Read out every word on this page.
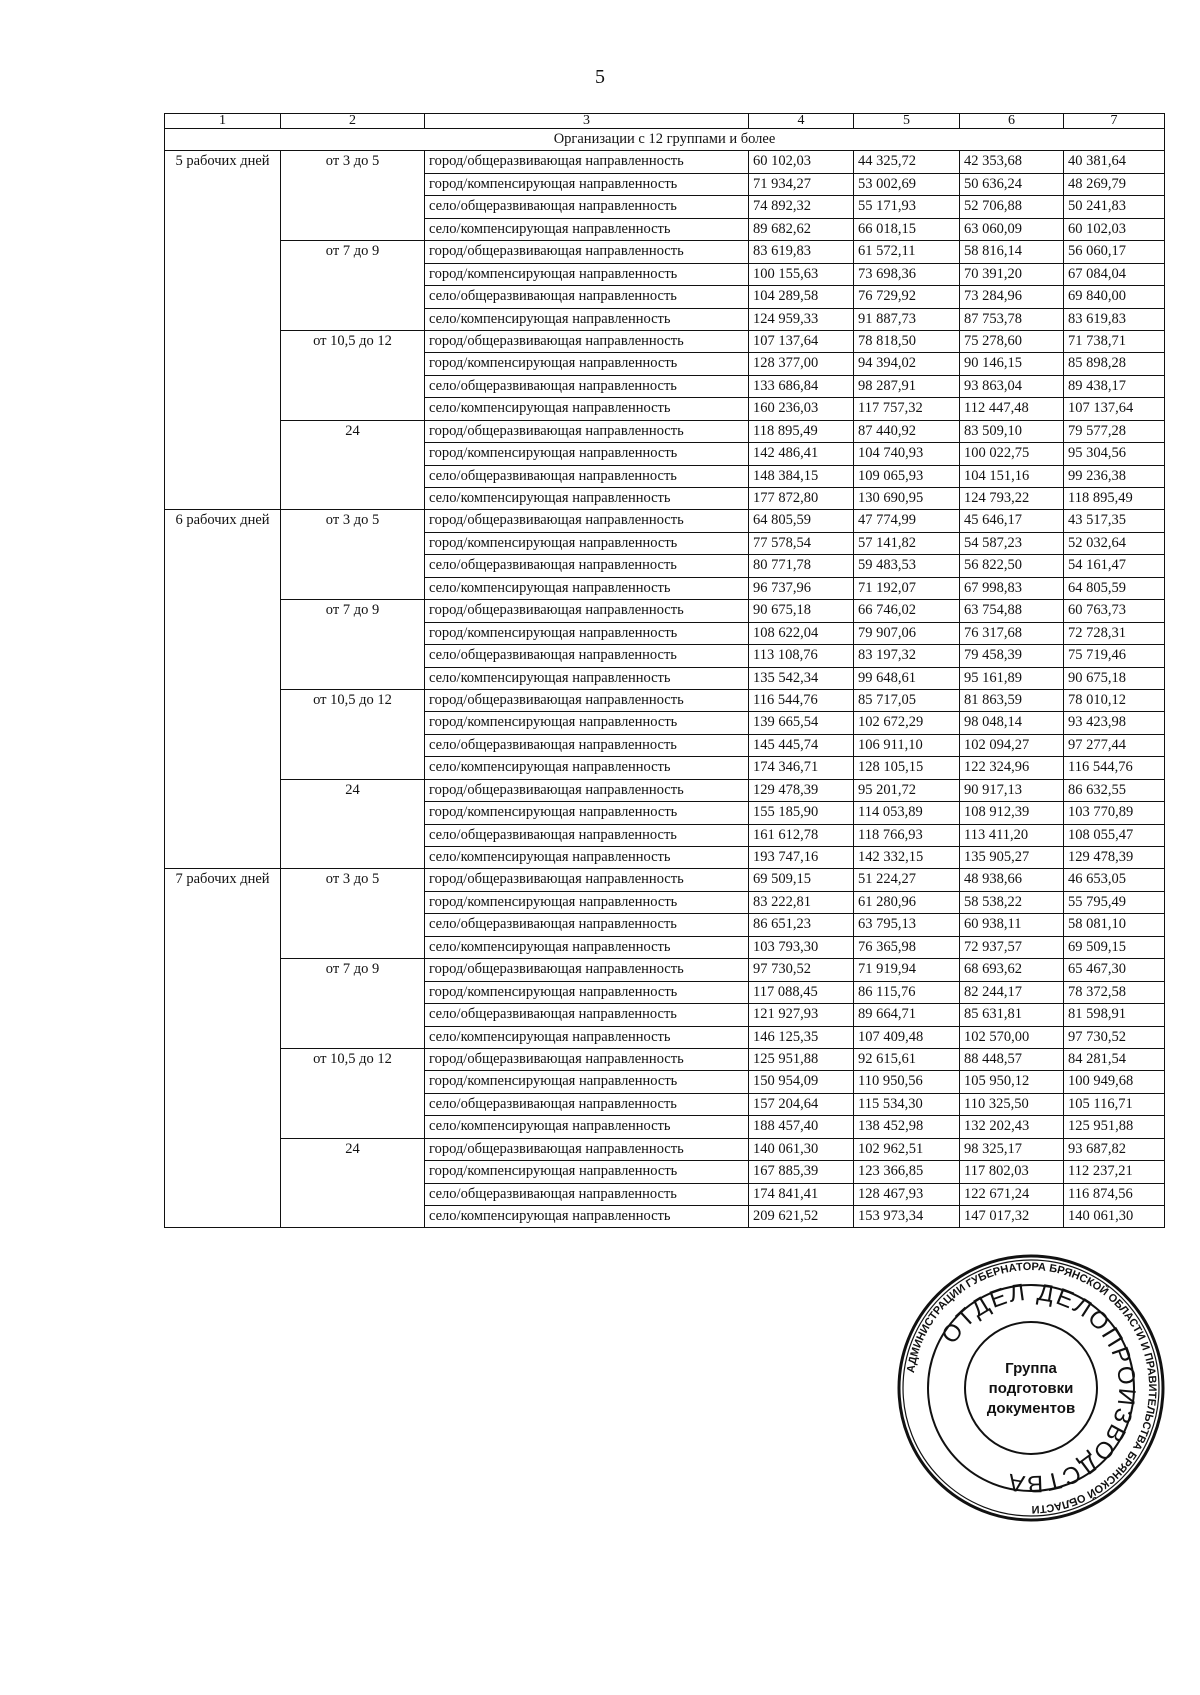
5
1	2	3	4	5	6	7
Организации с 12 группами и более						
5 рабочих дней	от 3 до 5	город/общеразвивающая направленность	60 102,03	44 325,72	42 353,68	40 381,64
		город/компенсирующая направленность	71 934,27	53 002,69	50 636,24	48 269,79
		село/общеразвивающая направленность	74 892,32	55 171,93	52 706,88	50 241,83
		село/компенсирующая направленность	89 682,62	66 018,15	63 060,09	60 102,03
	от 7 до 9	город/общеразвивающая направленность	83 619,83	61 572,11	58 816,14	56 060,17
		город/компенсирующая направленность	100 155,63	73 698,36	70 391,20	67 084,04
		село/общеразвивающая направленность	104 289,58	76 729,92	73 284,96	69 840,00
		село/компенсирующая направленность	124 959,33	91 887,73	87 753,78	83 619,83
	от 10,5 до 12	город/общеразвивающая направленность	107 137,64	78 818,50	75 278,60	71 738,71
		город/компенсирующая направленность	128 377,00	94 394,02	90 146,15	85 898,28
		село/общеразвивающая направленность	133 686,84	98 287,91	93 863,04	89 438,17
		село/компенсирующая направленность	160 236,03	117 757,32	112 447,48	107 137,64
	24	город/общеразвивающая направленность	118 895,49	87 440,92	83 509,10	79 577,28
		город/компенсирующая направленность	142 486,41	104 740,93	100 022,75	95 304,56
		село/общеразвивающая направленность	148 384,15	109 065,93	104 151,16	99 236,38
		село/компенсирующая направленность	177 872,80	130 690,95	124 793,22	118 895,49
6 рабочих дней	от 3 до 5	город/общеразвивающая направленность	64 805,59	47 774,99	45 646,17	43 517,35
		город/компенсирующая направленность	77 578,54	57 141,82	54 587,23	52 032,64
		село/общеразвивающая направленность	80 771,78	59 483,53	56 822,50	54 161,47
		село/компенсирующая направленность	96 737,96	71 192,07	67 998,83	64 805,59
	от 7 до 9	город/общеразвивающая направленность	90 675,18	66 746,02	63 754,88	60 763,73
		город/компенсирующая направленность	108 622,04	79 907,06	76 317,68	72 728,31
		село/общеразвивающая направленность	113 108,76	83 197,32	79 458,39	75 719,46
		село/компенсирующая направленность	135 542,34	99 648,61	95 161,89	90 675,18
	от 10,5 до 12	город/общеразвивающая направленность	116 544,76	85 717,05	81 863,59	78 010,12
		город/компенсирующая направленность	139 665,54	102 672,29	98 048,14	93 423,98
		село/общеразвивающая направленность	145 445,74	106 911,10	102 094,27	97 277,44
		село/компенсирующая направленность	174 346,71	128 105,15	122 324,96	116 544,76
	24	город/общеразвивающая направленность	129 478,39	95 201,72	90 917,13	86 632,55
		город/компенсирующая направленность	155 185,90	114 053,89	108 912,39	103 770,89
		село/общеразвивающая направленность	161 612,78	118 766,93	113 411,20	108 055,47
		село/компенсирующая направленность	193 747,16	142 332,15	135 905,27	129 478,39
7 рабочих дней	от 3 до 5	город/общеразвивающая направленность	69 509,15	51 224,27	48 938,66	46 653,05
		город/компенсирующая направленность	83 222,81	61 280,96	58 538,22	55 795,49
		село/общеразвивающая направленность	86 651,23	63 795,13	60 938,11	58 081,10
		село/компенсирующая направленность	103 793,30	76 365,98	72 937,57	69 509,15
	от 7 до 9	город/общеразвивающая направленность	97 730,52	71 919,94	68 693,62	65 467,30
		город/компенсирующая направленность	117 088,45	86 115,76	82 244,17	78 372,58
		село/общеразвивающая направленность	121 927,93	89 664,71	85 631,81	81 598,91
		село/компенсирующая направленность	146 125,35	107 409,48	102 570,00	97 730,52
	от 10,5 до 12	город/общеразвивающая направленность	125 951,88	92 615,61	88 448,57	84 281,54
		город/компенсирующая направленность	150 954,09	110 950,56	105 950,12	100 949,68
		село/общеразвивающая направленность	157 204,64	115 534,30	110 325,50	105 116,71
		село/компенсирующая направленность	188 457,40	138 452,98	132 202,43	125 951,88
	24	город/общеразвивающая направленность	140 061,30	102 962,51	98 325,17	93 687,82
		город/компенсирующая направленность	167 885,39	123 366,85	117 802,03	112 237,21
		село/общеразвивающая направленность	174 841,41	128 467,93	122 671,24	116 874,56
		село/компенсирующая направленность	209 621,52	153 973,34	147 017,32	140 061,30
АДМИНИСТРАЦИИ ГУБЕРНАТОРА БРЯНСКОЙ ОБЛАСТИ И ПРАВИТЕЛЬСТВА БРЯНСКОЙ ОБЛАСТИ
ОТДЕЛ ДЕЛОПРОИЗВОДСТВА
Группа
подготовки
документов
